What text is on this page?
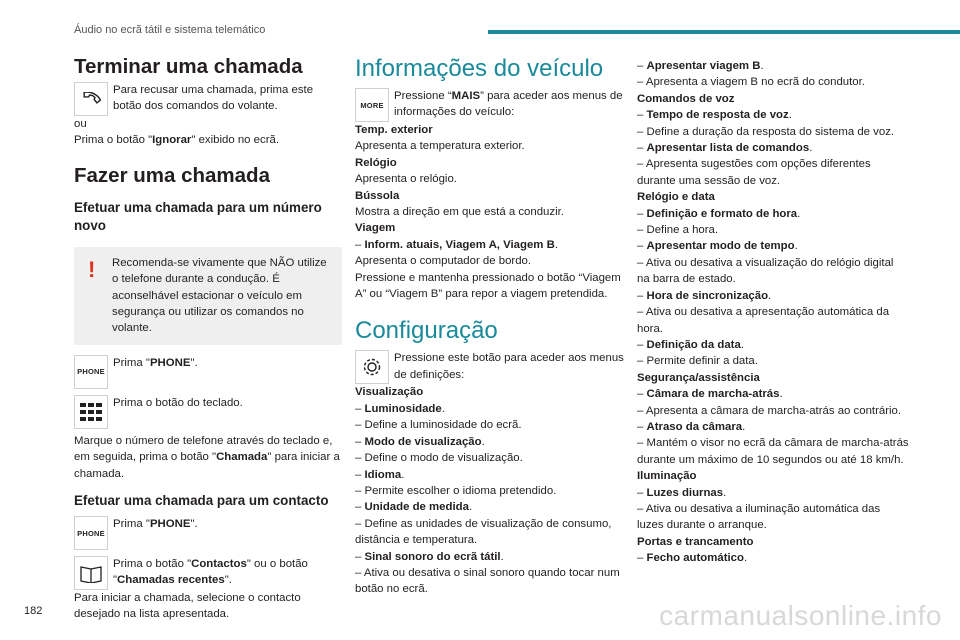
Áudio no ecrã tátil e sistema telemático
Terminar uma chamada

Para recusar uma chamada, prima este botão dos comandos do volante.

ou

Prima o botão "Ignorar" exibido no ecrã.

Fazer uma chamada
Efetuar uma chamada para um número novo
!	Recomenda-se vivamente que NÃO utilize o telefone durante a condução. É aconselhável estacionar o veículo em segurança ou utilizar os comandos no volante.

PHONE

Prima "PHONE".

Prima o botão do teclado.

Marque o número de telefone através do teclado e, em seguida, prima o botão "Chamada" para iniciar a chamada.

Efetuar uma chamada para um contacto
PHONE

Prima "PHONE".

Prima o botão "Contactos" ou o botão "Chamadas recentes".

Para iniciar a chamada, selecione o contacto desejado na lista apresentada.

Informações do veículo
MORE

Pressione “MAIS” para aceder aos menus de informações do veículo:

Temp. exterior

Apresenta a temperatura exterior.

Relógio

Apresenta o relógio.

Bússola

Mostra a direção em que está a conduzir.

Viagem

– Inform. atuais, Viagem A, Viagem B.

Apresenta o computador de bordo.

Pressione e mantenha pressionado o botão “Viagem A” ou “Viagem B” para repor a viagem pretendida.

Configuração

Pressione este botão para aceder aos menus de definições:

Visualização

– Luminosidade.

– Define a luminosidade do ecrã.

– Modo de visualização.

– Define o modo de visualização.

– Idioma.

– Permite escolher o idioma pretendido.

– Unidade de medida.

– Define as unidades de visualização de consumo, distância e temperatura.

– Sinal sonoro do ecrã tátil.

– Ativa ou desativa o sinal sonoro quando tocar num botão no ecrã.

– Apresentar viagem B.

– Apresenta a viagem B no ecrã do condutor.

Comandos de voz

– Tempo de resposta de voz.

– Define a duração da resposta do sistema de voz.

– Apresentar lista de comandos.

– Apresenta sugestões com opções diferentes durante uma sessão de voz.

Relógio e data

– Definição e formato de hora.

– Define a hora.

– Apresentar modo de tempo.

– Ativa ou desativa a visualização do relógio digital na barra de estado.

– Hora de sincronização.

– Ativa ou desativa a apresentação automática da hora.

– Definição da data.

– Permite definir a data.

Segurança/assistência

– Câmara de marcha-atrás.

– Apresenta a câmara de marcha-atrás ao contrário.

– Atraso da câmara.

– Mantém o visor no ecrã da câmara de marcha-atrás durante um máximo de 10 segundos ou até 18 km/h.

Iluminação

– Luzes diurnas.

– Ativa ou desativa a iluminação automática das luzes durante o arranque.

Portas e trancamento

– Fecho automático.

182	carmanualsonline.info
